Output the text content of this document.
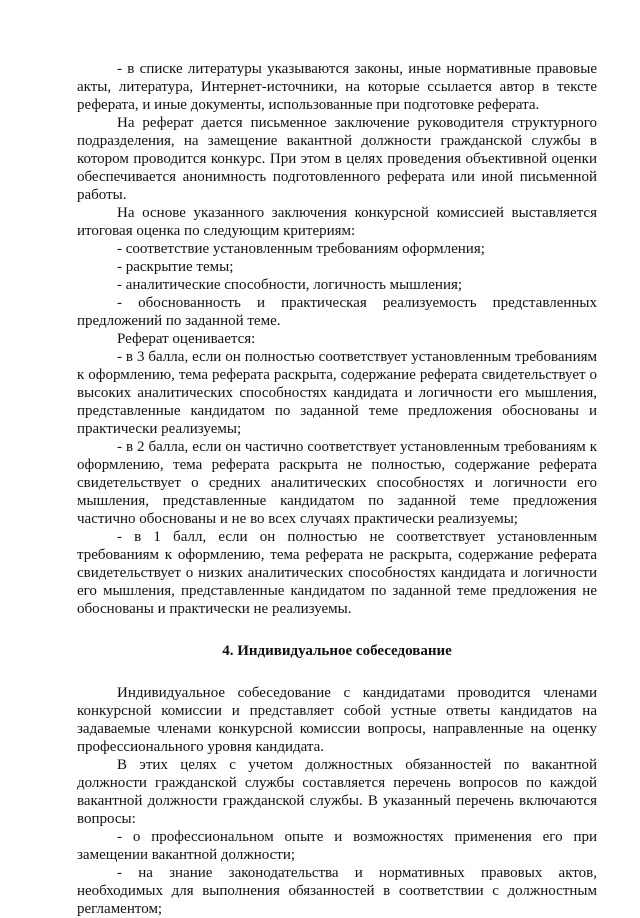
- в списке литературы указываются законы, иные нормативные правовые акты, литература, Интернет-источники, на которые ссылается автор в тексте реферата, и иные документы, использованные при подготовке реферата.

На реферат дается письменное заключение руководителя структурного подразделения, на замещение вакантной должности гражданской службы в котором проводится конкурс. При этом в целях проведения объективной оценки обеспечивается анонимность подготовленного реферата или иной письменной работы.

На основе указанного заключения конкурсной комиссией выставляется итоговая оценка по следующим критериям:

- соответствие установленным требованиям оформления;

- раскрытие темы;

- аналитические способности, логичность мышления;

- обоснованность и практическая реализуемость представленных предложений по заданной теме.

Реферат оценивается:

- в 3 балла, если он полностью соответствует установленным требованиям к оформлению, тема реферата раскрыта, содержание реферата свидетельствует о высоких аналитических способностях кандидата и логичности его мышления, представленные кандидатом по заданной теме предложения обоснованы и практически реализуемы;

- в 2 балла, если он частично соответствует установленным требованиям к оформлению, тема реферата раскрыта не полностью, содержание реферата свидетельствует о средних аналитических способностях и логичности его мышления, представленные кандидатом по заданной теме предложения частично обоснованы и не во всех случаях практически реализуемы;

- в 1 балл, если он полностью не соответствует установленным требованиям к оформлению, тема реферата не раскрыта, содержание реферата свидетельствует о низких аналитических способностях кандидата и логичности его мышления, представленные кандидатом по заданной теме предложения не обоснованы и практически не реализуемы.

4. Индивидуальное собеседование

Индивидуальное собеседование с кандидатами проводится членами конкурсной комиссии и представляет собой устные ответы кандидатов на задаваемые членами конкурсной комиссии вопросы, направленные на оценку профессионального уровня кандидата.

В этих целях с учетом должностных обязанностей по вакантной должности гражданской службы составляется перечень вопросов по каждой вакантной должности гражданской службы. В указанный перечень включаются вопросы:

- о профессиональном опыте и возможностях применения его при замещении вакантной должности;

- на знание законодательства и нормативных правовых актов, необходимых для выполнения обязанностей в соответствии с должностным регламентом;
